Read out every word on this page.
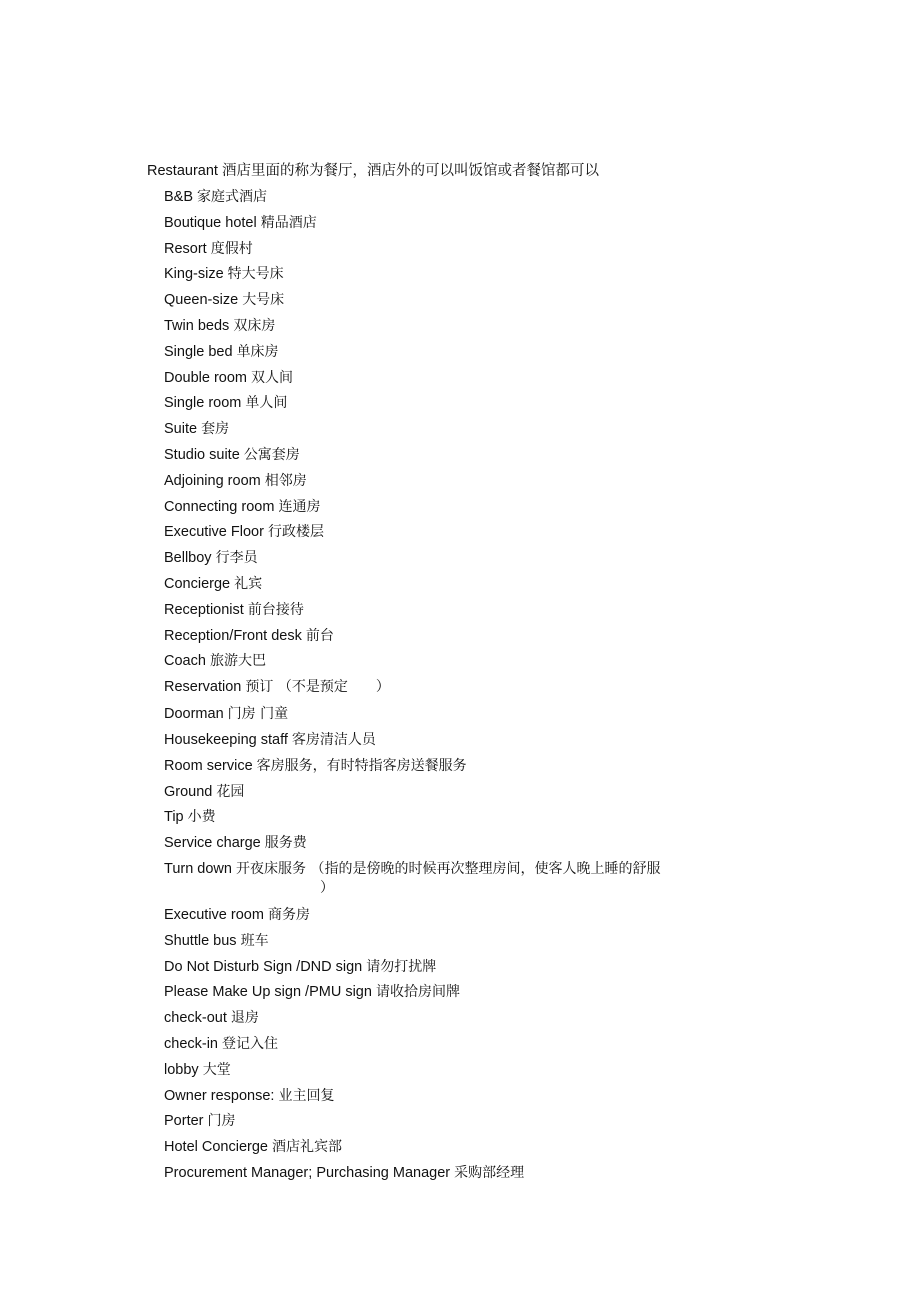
Restaurant 酒店里面的称为餐厅，酒店外的可以叫饭馆或者餐馆都可以
B&B 家庭式酒店
Boutique hotel 精品酒店
Resort 度假村
King-size 特大号床
Queen-size 大号床
Twin beds 双床房
Single bed 单床房
Double room 双人间
Single room 单人间
Suite 套房
Studio suite 公寓套房
Adjoining room 相邻房
Connecting room 连通房
Executive Floor 行政楼层
Bellboy 行李员
Concierge 礼宾
Receptionist 前台接待
Reception/Front desk 前台
Coach 旅游大巴
Reservation 预订 （不是预定　　）
Doorman 门房 门童
Housekeeping staff 客房清洁人员
Room service 客房服务，有时特指客房送餐服务
Ground 花园
Tip 小费
Service charge 服务费
Turn down 开夜床服务 （指的是傍晚的时候再次整理房间，使客人晚上睡的舒服
）
Executive room 商务房
Shuttle bus 班车
Do Not Disturb Sign /DND sign 请勿打扰牌
Please Make Up sign /PMU sign 请收拾房间牌
check-out 退房
check-in 登记入住
lobby 大堂
Owner response: 业主回复
Porter 门房
Hotel Concierge 酒店礼宾部
Procurement Manager; Purchasing Manager 采购部经理
